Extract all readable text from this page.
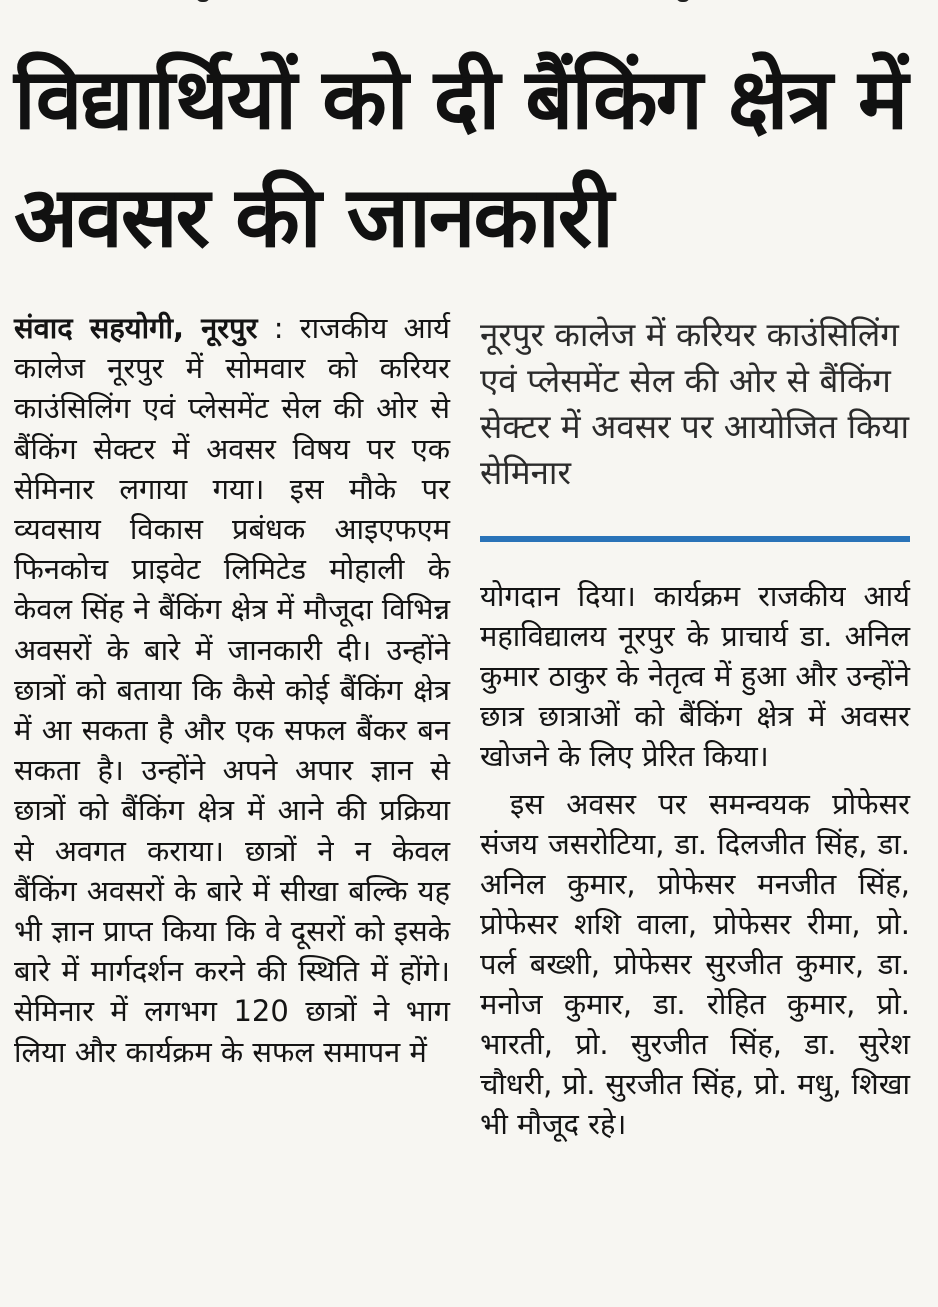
विद्यार्थियों को दी बैंकिंग क्षेत्र में अवसर की जानकारी

संवाद सहयोगी, नूरपुर : राजकीय आर्य कालेज नूरपुर में सोमवार को करियर काउंसिलिंग एवं प्लेसमेंट सेल की ओर से बैंकिंग सेक्टर में अवसर विषय पर एक सेमिनार लगाया गया। इस मौके पर व्यवसाय विकास प्रबंधक आइएफएम फिनकोच प्राइवेट लिमिटेड मोहाली के केवल सिंह ने बैंकिंग क्षेत्र में मौजूदा विभिन्न अवसरों के बारे में जानकारी दी। उन्होंने छात्रों को बताया कि कैसे कोई बैंकिंग क्षेत्र में आ सकता है और एक सफल बैंकर बन सकता है। उन्होंने अपने अपार ज्ञान से छात्रों को बैंकिंग क्षेत्र में आने की प्रक्रिया से अवगत कराया। छात्रों ने न केवल बैंकिंग अवसरों के बारे में सीखा बल्कि यह भी ज्ञान प्राप्त किया कि वे दूसरों को इसके बारे में मार्गदर्शन करने की स्थिति में होंगे। सेमिनार में लगभग 120 छात्रों ने भाग लिया और कार्यक्रम के सफल समापन में

नूरपुर कालेज में करियर काउंसिलिंग एवं प्लेसमेंट सेल की ओर से बैंकिंग सेक्टर में अवसर पर आयोजित किया सेमिनार

योगदान दिया। कार्यक्रम राजकीय आर्य महाविद्यालय नूरपुर के प्राचार्य डा. अनिल कुमार ठाकुर के नेतृत्व में हुआ और उन्होंने छात्र छात्राओं को बैंकिंग क्षेत्र में अवसर खोजने के लिए प्रेरित किया।

इस अवसर पर समन्वयक प्रोफेसर संजय जसरोटिया, डा. दिलजीत सिंह, डा. अनिल कुमार, प्रोफेसर मनजीत सिंह, प्रोफेसर शशि वाला, प्रोफेसर रीमा, प्रो. पर्ल बख्शी, प्रोफेसर सुरजीत कुमार, डा. मनोज कुमार, डा. रोहित कुमार, प्रो. भारती, प्रो. सुरजीत सिंह, डा. सुरेश चौधरी, प्रो. सुरजीत सिंह, प्रो. मधु, शिखा भी मौजूद रहे।
